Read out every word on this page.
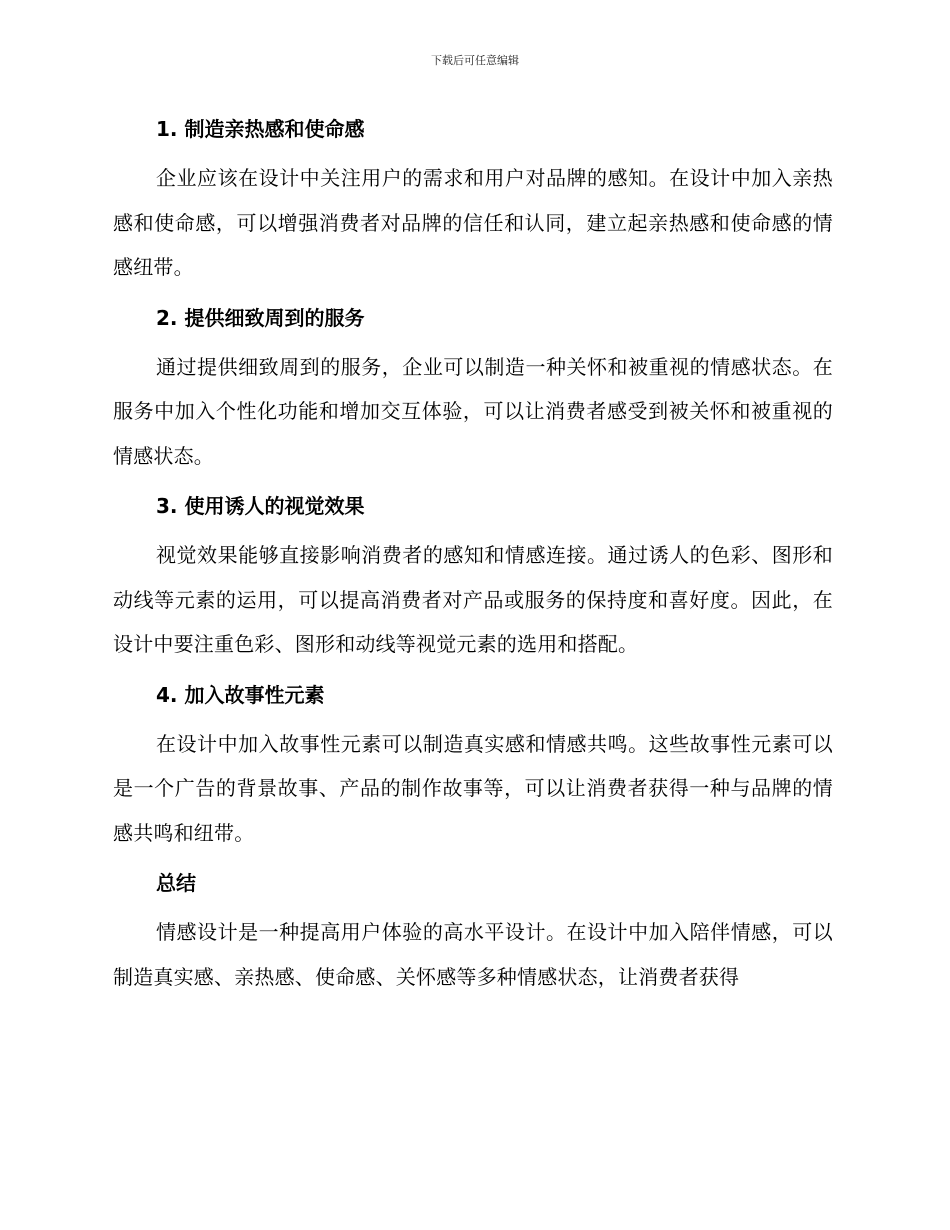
下载后可任意编辑
1. 制造亲热感和使命感

企业应该在设计中关注用户的需求和用户对品牌的感知。在设计中加入亲热感和使命感，可以增强消费者对品牌的信任和认同，建立起亲热感和使命感的情感纽带。

2. 提供细致周到的服务

通过提供细致周到的服务，企业可以制造一种关怀和被重视的情感状态。在服务中加入个性化功能和增加交互体验，可以让消费者感受到被关怀和被重视的情感状态。

3. 使用诱人的视觉效果

视觉效果能够直接影响消费者的感知和情感连接。通过诱人的色彩、图形和动线等元素的运用，可以提高消费者对产品或服务的保持度和喜好度。因此，在设计中要注重色彩、图形和动线等视觉元素的选用和搭配。

4. 加入故事性元素

在设计中加入故事性元素可以制造真实感和情感共鸣。这些故事性元素可以是一个广告的背景故事、产品的制作故事等，可以让消费者获得一种与品牌的情感共鸣和纽带。

总结

情感设计是一种提高用户体验的高水平设计。在设计中加入陪伴情感，可以制造真实感、亲热感、使命感、关怀感等多种情感状态，让消费者获得
